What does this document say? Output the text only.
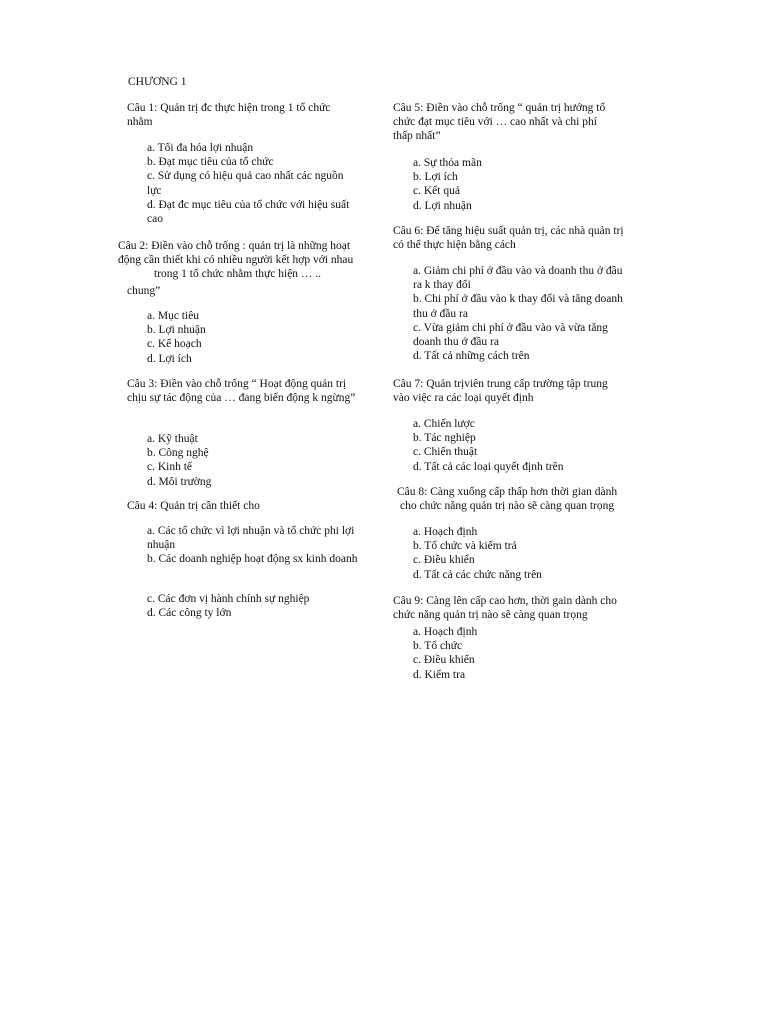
CHƯƠNG 1
Câu 1: Quản trị đc thực hiện trong 1 tổ chức nhằm
a. Tối đa hóa lợi nhuận
b. Đạt mục tiêu của tổ chức
c. Sử dụng có hiệu quả cao nhất các nguồn lực
d. Đạt đc mục tiêu của tổ chức với hiệu suất cao
Câu 2: Điền vào chỗ trống : quản trị là những hoạt động cần thiết khi có nhiều người kết hợp với nhau
trong 1 tổ chức nhằm thực hiện … ..
chung”
a. Mục tiêu
b. Lợi nhuận
c. Kế hoạch
d. Lợi ích
Câu 3: Điền vào chỗ trống “ Hoạt động quản trị chịu sự tác động của … đang biến động k ngừng”
a. Kỹ thuật
b. Công nghệ
c. Kinh tế
d. Môi trường
Câu 4: Quản trị cần thiết cho
a. Các tổ chức vì lợi nhuận và tổ chức phi lợi nhuận
b. Các doanh nghiệp hoạt động sx kinh doanh
c. Các đơn vị hành chính sự nghiệp
d. Các công ty lớn
Câu 5: Điền vào chỗ trống “ quản trị hướng tổ chức đạt mục tiêu với … cao nhất và chi phí thấp nhất”
a. Sự thỏa mãn
b. Lợi ích
c. Kết quả
d. Lợi nhuận
Câu 6: Để tăng hiệu suất quản trị, các nhà quản trị có thể thực hiện bằng cách
a. Giảm chi phí ở đầu vào và doanh thu ở đầu ra k thay đổi
b. Chi phí ở đầu vào k thay đổi và tăng doanh thu ở đầu ra
c. Vừa giảm chi phí ở đầu vào và vừa tăng doanh thu ở đầu ra
d. Tất cả những cách trên
Câu 7: Quản trịviên trung cấp trường tập trung vào việc ra các loại quyết định
a. Chiến lược
b. Tác nghiệp
c. Chiến thuật
d. Tất cả các loại quyết định trên
Câu 8: Càng xuống cấp thấp hơn thời gian dành
cho chức năng quản trị nào sẽ càng quan trọng
a. Hoạch định
b. Tổ chức và kiểm trả
c. Điều khiển
d. Tất cả các chức năng trên
Câu 9: Càng lên cấp cao hơn, thời gain dành cho
chức năng quản trị nào sẽ càng quan trọng
a. Hoạch định
b. Tổ chức
c. Điều khiển
d. Kiểm tra
